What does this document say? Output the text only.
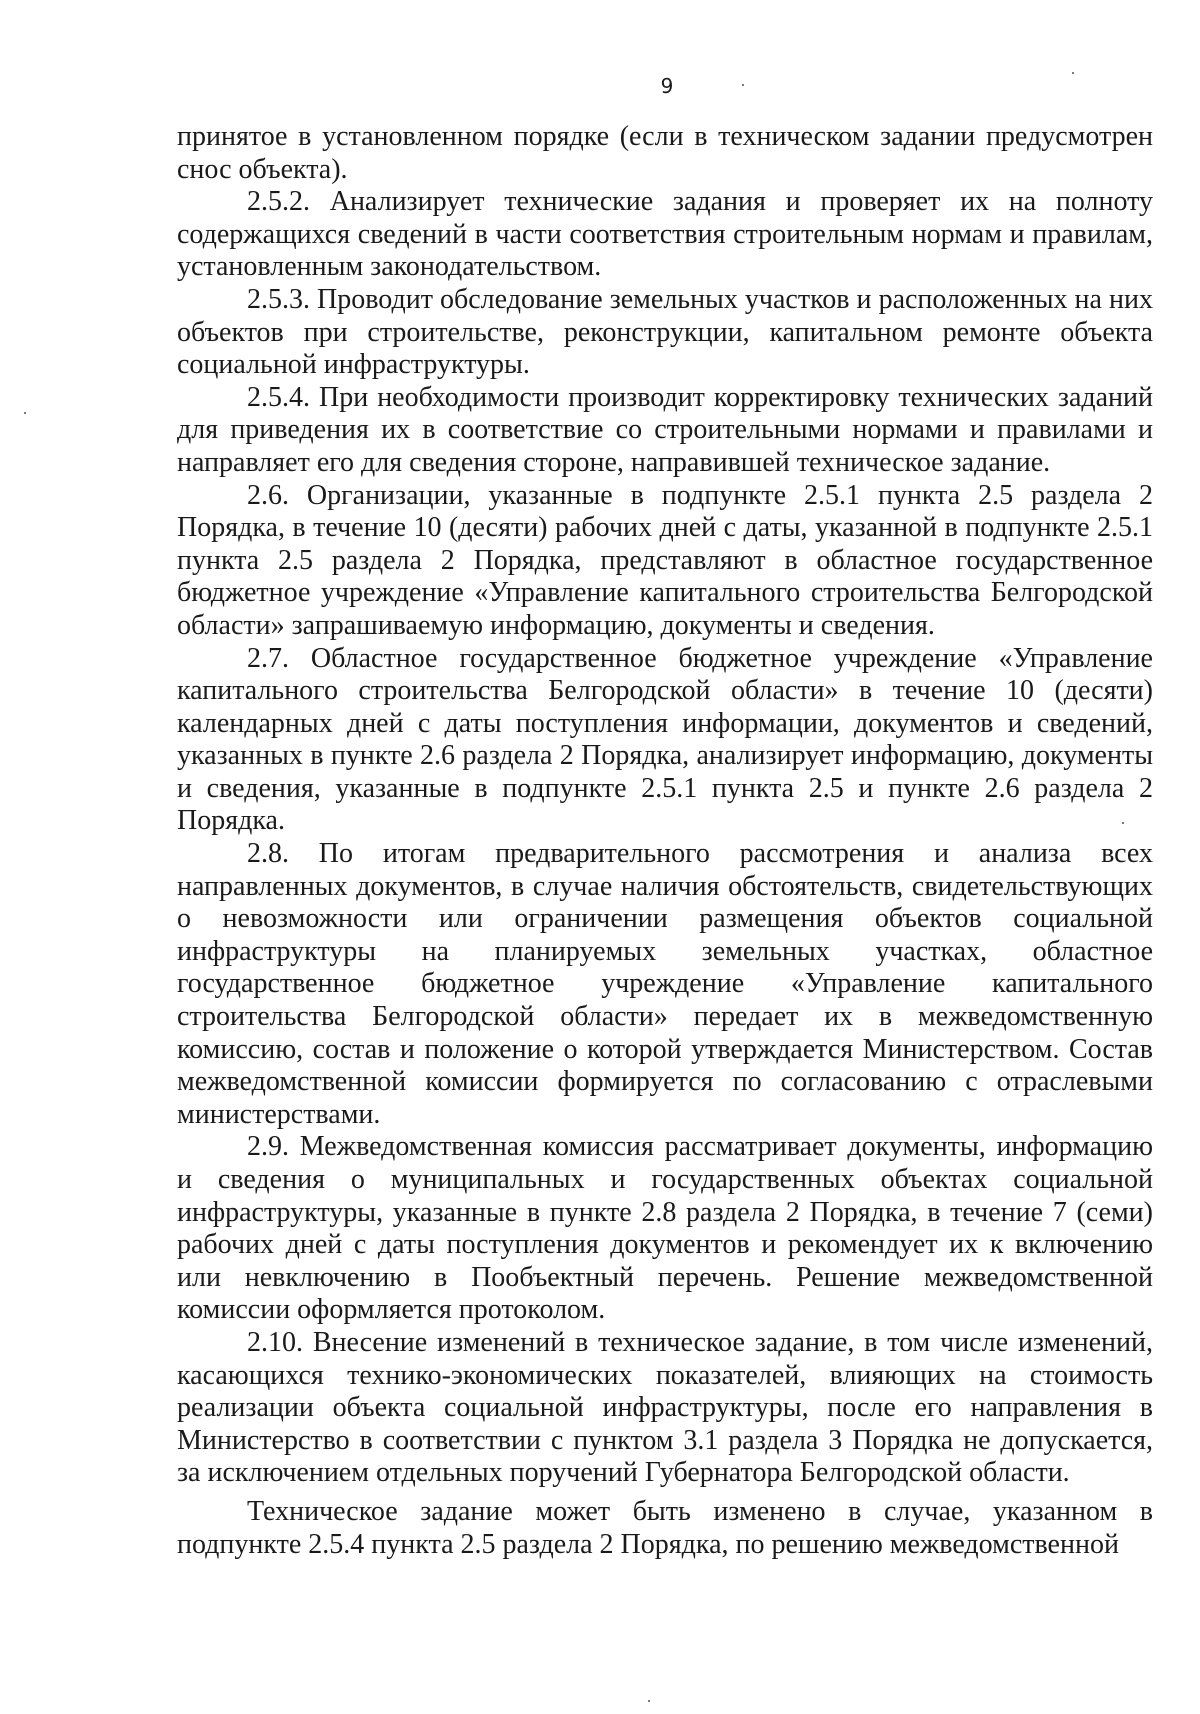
9

принятое в установленном порядке (если в техническом задании предусмотрен снос объекта).

2.5.2. Анализирует технические задания и проверяет их на полноту содержащихся сведений в части соответствия строительным нормам и правилам, установленным законодательством.

2.5.3. Проводит обследование земельных участков и расположенных на них объектов при строительстве, реконструкции, капитальном ремонте объекта социальной инфраструктуры.

2.5.4. При необходимости производит корректировку технических заданий для приведения их в соответствие со строительными нормами и правилами и направляет его для сведения стороне, направившей техническое задание.

2.6. Организации, указанные в подпункте 2.5.1 пункта 2.5 раздела 2 Порядка, в течение 10 (десяти) рабочих дней с даты, указанной в подпункте 2.5.1 пункта 2.5 раздела 2 Порядка, представляют в областное государственное бюджетное учреждение «Управление капитального строительства Белгородской области» запрашиваемую информацию, документы и сведения.

2.7. Областное государственное бюджетное учреждение «Управление капитального строительства Белгородской области» в течение 10 (десяти) календарных дней с даты поступления информации, документов и сведений, указанных в пункте 2.6 раздела 2 Порядка, анализирует информацию, документы и сведения, указанные в подпункте 2.5.1 пункта 2.5 и пункте 2.6 раздела 2 Порядка.

2.8. По итогам предварительного рассмотрения и анализа всех направленных документов, в случае наличия обстоятельств, свидетельствующих о невозможности или ограничении размещения объектов социальной инфраструктуры на планируемых земельных участках, областное государственное бюджетное учреждение «Управление капитального строительства Белгородской области» передает их в межведомственную комиссию, состав и положение о которой утверждается Министерством. Состав межведомственной комиссии формируется по согласованию с отраслевыми министерствами.

2.9. Межведомственная комиссия рассматривает документы, информацию и сведения о муниципальных и государственных объектах социальной инфраструктуры, указанные в пункте 2.8 раздела 2 Порядка, в течение 7 (семи) рабочих дней с даты поступления документов и рекомендует их к включению или невключению в Пообъектный перечень. Решение межведомственной комиссии оформляется протоколом.

2.10. Внесение изменений в техническое задание, в том числе изменений, касающихся технико-экономических показателей, влияющих на стоимость реализации объекта социальной инфраструктуры, после его направления в Министерство в соответствии с пунктом 3.1 раздела 3 Порядка не допускается, за исключением отдельных поручений Губернатора Белгородской области.

Техническое задание может быть изменено в случае, указанном в подпункте 2.5.4 пункта 2.5 раздела 2 Порядка, по решению межведомственной
